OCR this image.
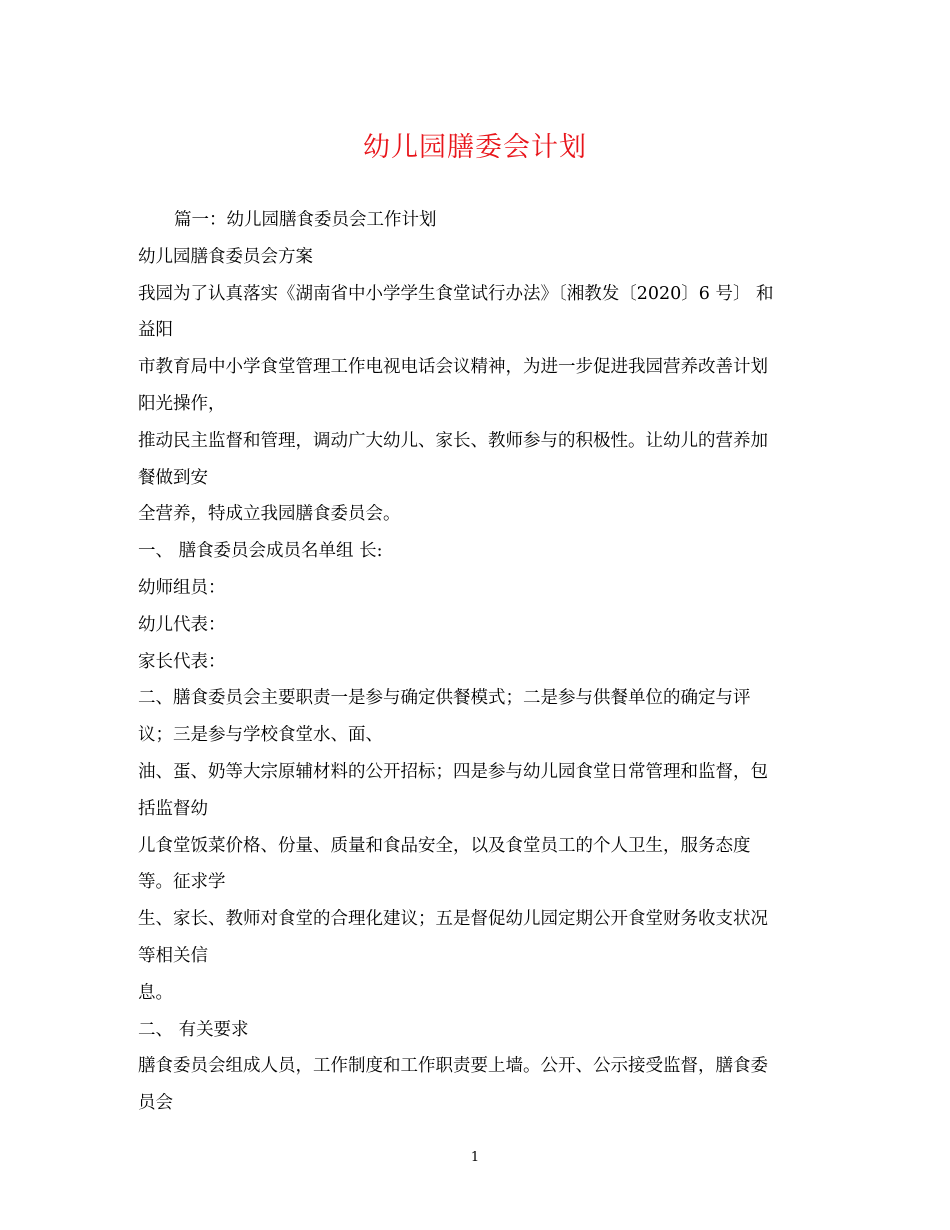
幼儿园膳委会计划
篇一：幼儿园膳食委员会工作计划
幼儿园膳食委员会方案
我园为了认真落实《湖南省中小学学生食堂试行办法》〔湘教发〔2020〕6 号〕 和
益阳
市教育局中小学食堂管理工作电视电话会议精神，为进一步促进我园营养改善计划
阳光操作，
推动民主监督和管理，调动广大幼儿、家长、教师参与的积极性。让幼儿的营养加
餐做到安
全营养，特成立我园膳食委员会。
一、 膳食委员会成员名单组 长:
幼师组员：
幼儿代表：
家长代表：
二、膳食委员会主要职责一是参与确定供餐模式；二是参与供餐单位的确定与评
议；三是参与学校食堂水、面、
油、蛋、奶等大宗原辅材料的公开招标；四是参与幼儿园食堂日常管理和监督，包
括监督幼
儿食堂饭菜价格、份量、质量和食品安全，以及食堂员工的个人卫生，服务态度
等。征求学
生、家长、教师对食堂的合理化建议；五是督促幼儿园定期公开食堂财务收支状况
等相关信
息。
二、 有关要求
膳食委员会组成人员，工作制度和工作职责要上墙。公开、公示接受监督，膳食委
员会
1
